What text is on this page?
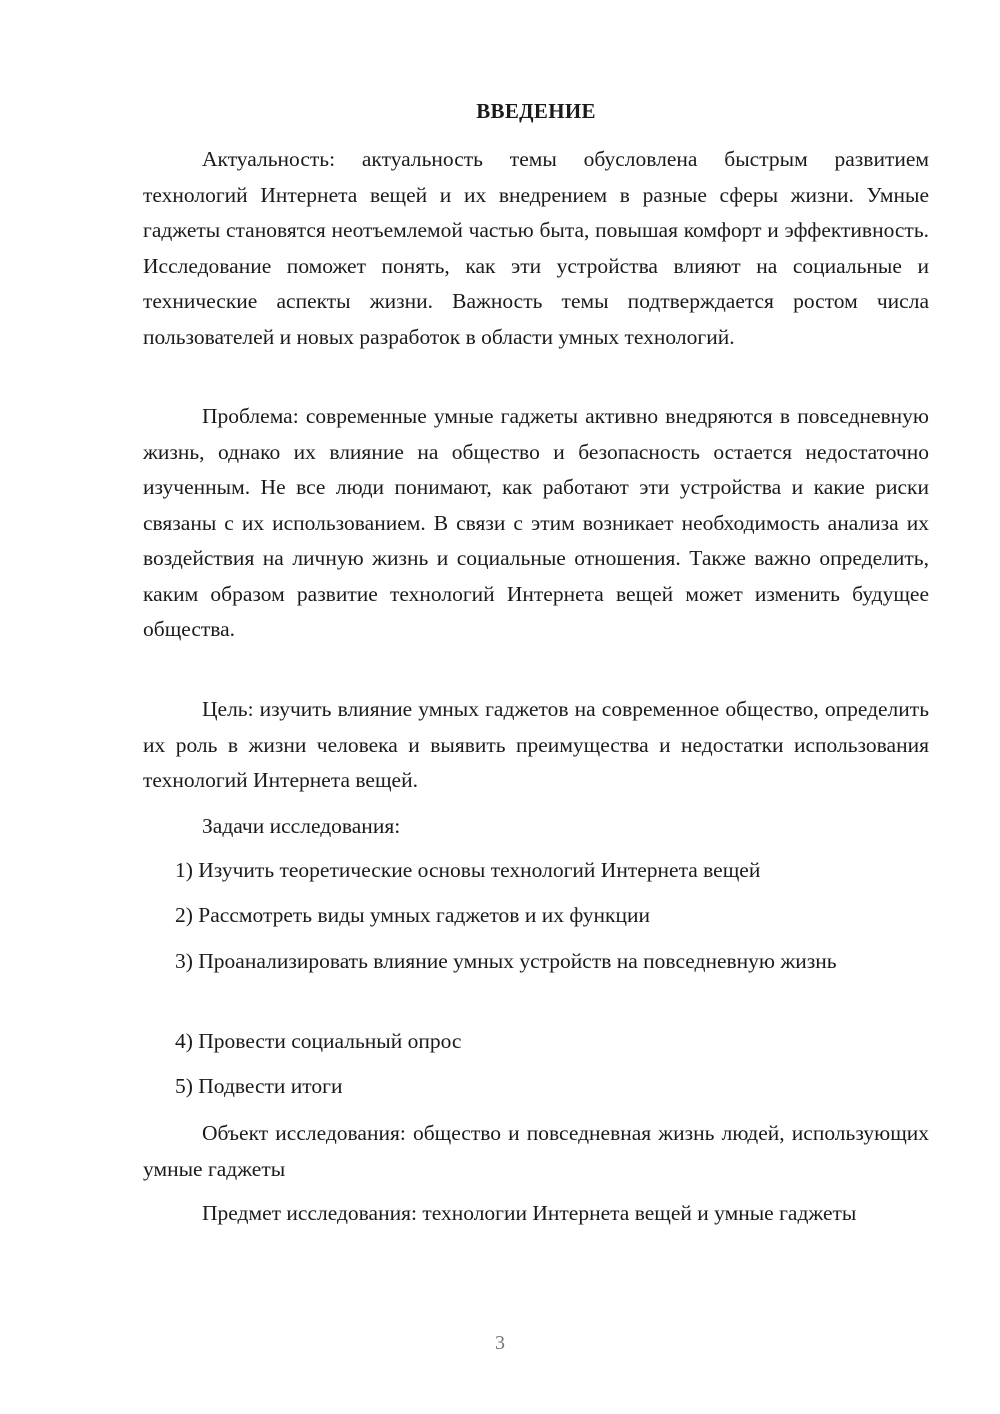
ВВЕДЕНИЕ

Актуальность: актуальность темы обусловлена быстрым развитием технологий Интернета вещей и их внедрением в разные сферы жизни. Умные гаджеты становятся неотъемлемой частью быта, повышая комфорт и эффективность. Исследование поможет понять, как эти устройства влияют на социальные и технические аспекты жизни. Важность темы подтверждается ростом числа пользователей и новых разработок в области умных технологий.

Проблема: современные умные гаджеты активно внедряются в повседневную жизнь, однако их влияние на общество и безопасность остается недостаточно изученным. Не все люди понимают, как работают эти устройства и какие риски связаны с их использованием. В связи с этим возникает необходимость анализа их воздействия на личную жизнь и социальные отношения. Также важно определить, каким образом развитие технологий Интернета вещей может изменить будущее общества.

Цель: изучить влияние умных гаджетов на современное общество, определить их роль в жизни человека и выявить преимущества и недостатки использования технологий Интернета вещей.

Задачи исследования:

1) Изучить теоретические основы технологий Интернета вещей

2) Рассмотреть виды умных гаджетов и их функции

3) Проанализировать влияние умных устройств на повседневную жизнь

4) Провести социальный опрос

5) Подвести итоги

Объект исследования: общество и повседневная жизнь людей, использующих умные гаджеты

Предмет исследования: технологии Интернета вещей и умные гаджеты

3
